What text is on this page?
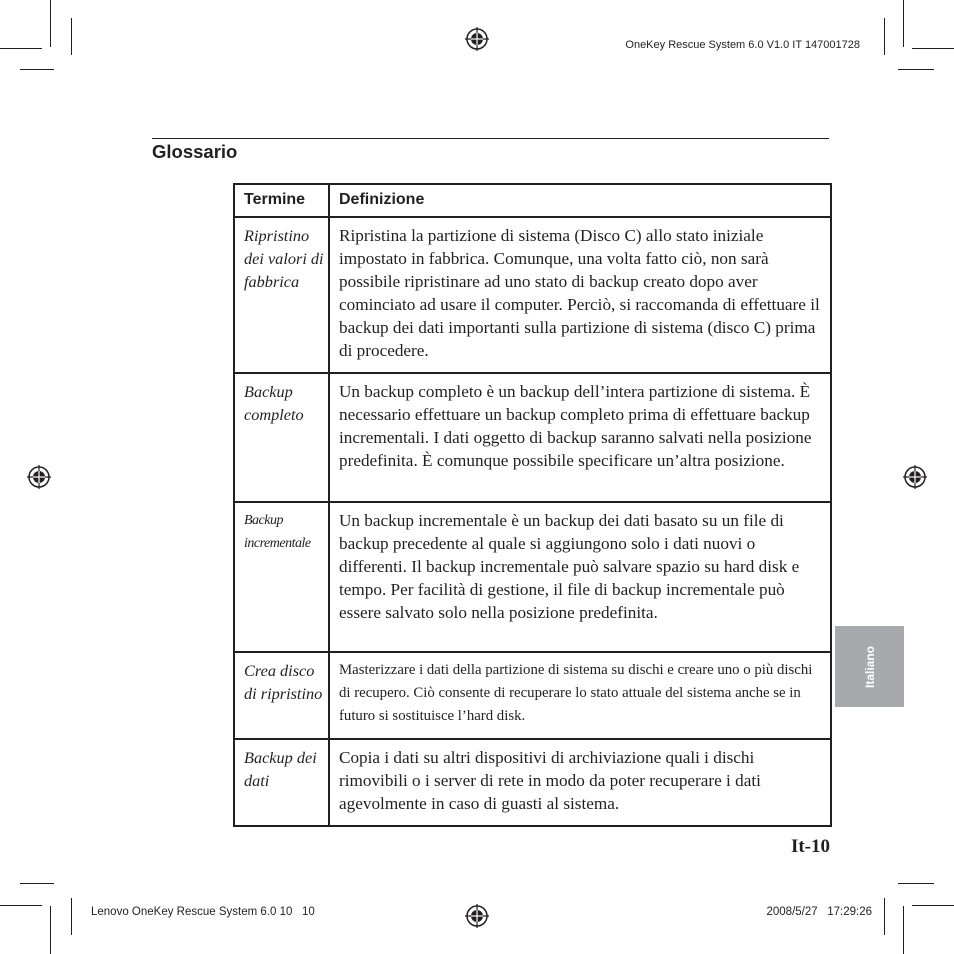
OneKey Rescue System 6.0 V1.0 IT 147001728
Glossario
Termine	Definizione
Ripristino dei valori di fabbrica	Ripristina la partizione di sistema (Disco C) allo stato iniziale impostato in fabbrica. Comunque, una volta fatto ciò, non sarà possibile ripristinare ad uno stato di backup creato dopo aver cominciato ad usare il computer. Perciò, si raccomanda di effettuare il backup dei dati importanti sulla partizione di sistema (disco C) prima di procedere.
Backup completo	Un backup completo è un backup dell’intera partizione di sistema. È necessario effettuare un backup completo prima di effettuare backup incrementali. I dati oggetto di backup saranno salvati nella posizione predefinita. È comunque possibile specificare un’altra posizione.
Backup incrementale	Un backup incrementale è un backup dei dati basato su un file di backup precedente al quale si aggiungono solo i dati nuovi o differenti. Il backup incrementale può salvare spazio su hard disk e tempo. Per facilità di gestione, il file di backup incrementale può essere salvato solo nella posizione predefinita.
Crea disco di ripristino	Masterizzare i dati della partizione di sistema su dischi e creare uno o più dischi di recupero. Ciò consente di recuperare lo stato attuale del sistema anche se in futuro si sostituisce l’hard disk.
Backup dei dati	Copia i dati su altri dispositivi di archiviazione quali i dischi rimovibili o i server di rete in modo da poter recuperare i dati agevolmente in caso di guasti al sistema.
Italiano
It-10
Lenovo OneKey Rescue System 6.0 10   10	2008/5/27   17:29:26
